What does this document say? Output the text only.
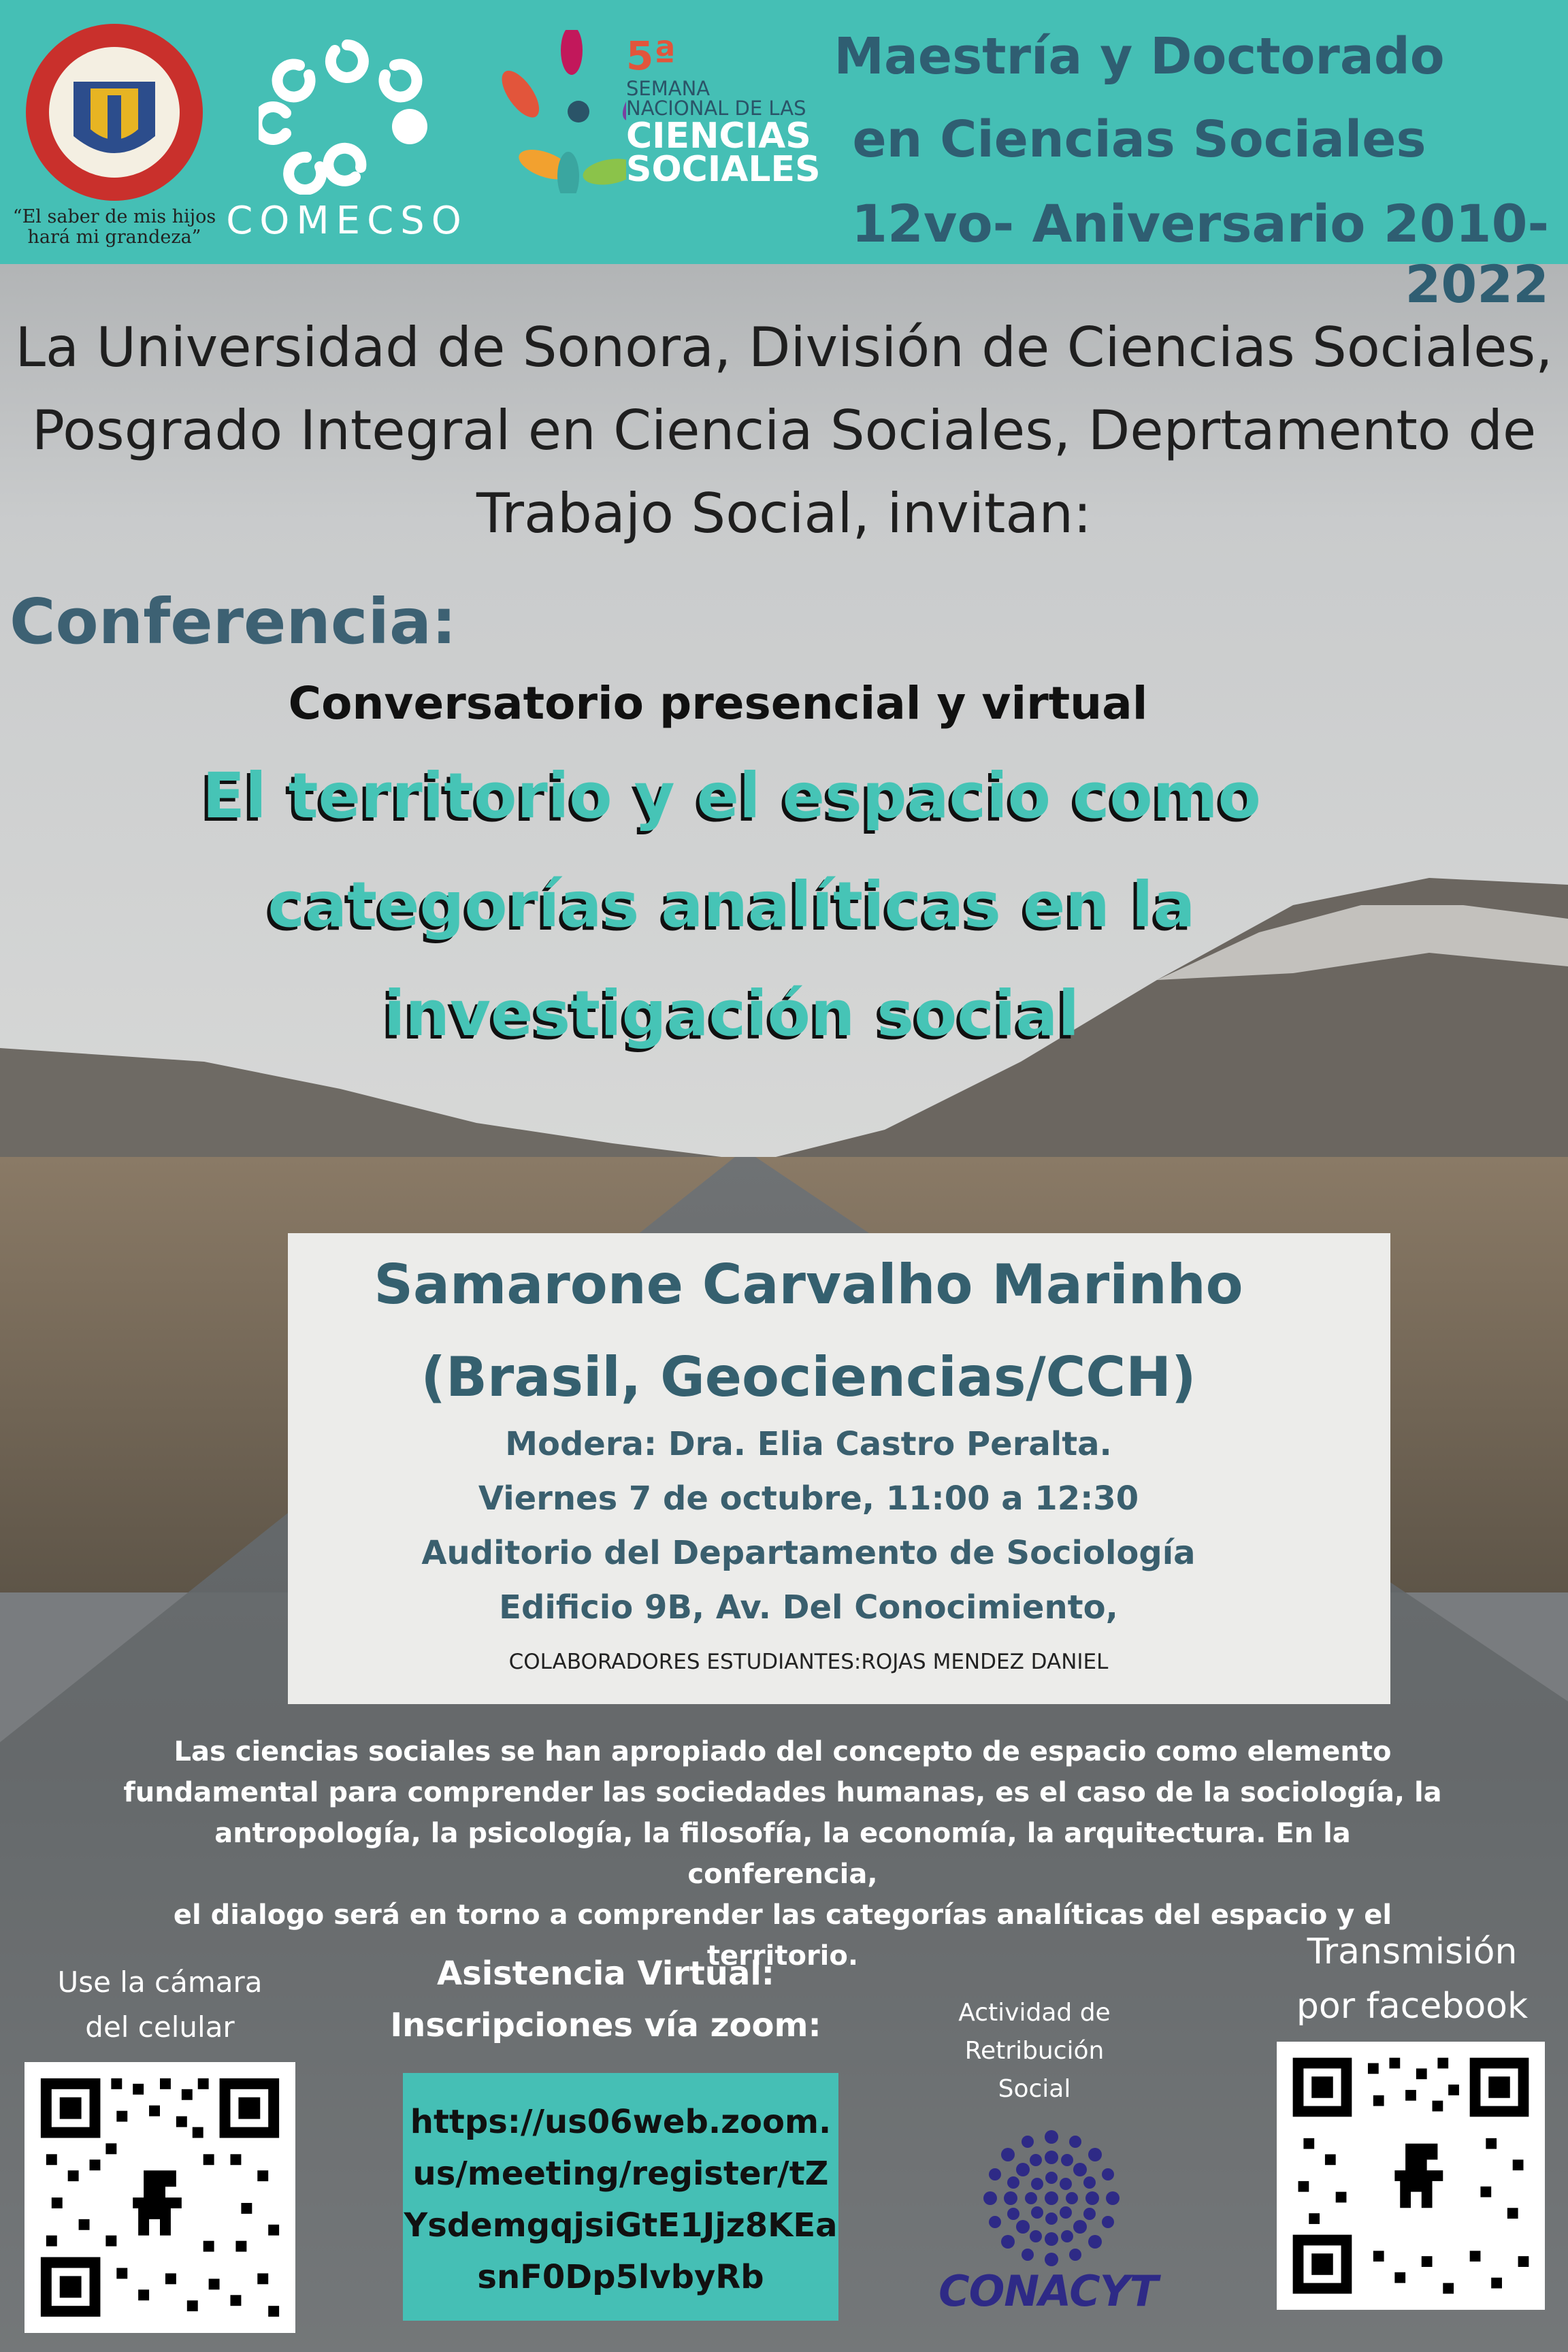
“El saber de mis hijos hará mi grandeza” COMECSO
5ª
SEMANA
NACIONAL DE LAS
CIENCIAS
SOCIALES
Maestría y Doctorado
en Ciencias Sociales
12vo- Aniversario 2010- 2022
La Universidad de Sonora, División de Ciencias Sociales,
Posgrado Integral en Ciencia Sociales, Deprtamento de
Trabajo Social, invitan:
Conferencia:
Conversatorio presencial y virtual
El territorio y el espacio como
categorías analíticas en la
investigación social
Samarone Carvalho Marinho
(Brasil, Geociencias/CCH)
Modera: Dra. Elia Castro Peralta.
Viernes 7 de octubre, 11:00 a 12:30
Auditorio del Departamento de Sociología
Edificio 9B, Av. Del Conocimiento,
COLABORADORES ESTUDIANTES:ROJAS MENDEZ DANIEL
Las ciencias sociales se han apropiado del concepto de espacio como elemento
fundamental para comprender las sociedades humanas, es el caso de la sociología, la
antropología, la psicología, la filosofía, la economía, la arquitectura. En la conferencia,
el dialogo será en torno a comprender las categorías analíticas del espacio y el
territorio.
Use la cámara
del celular
Asistencia Virtual:
Inscripciones vía zoom:
https://us06web.zoom.
us/meeting/register/tZ
YsdemgqjsiGtE1Jjz8KEa
snF0Dp5lvbyRb
Actividad de
Retribución
Social
CONACYT
Transmisión
por facebook
